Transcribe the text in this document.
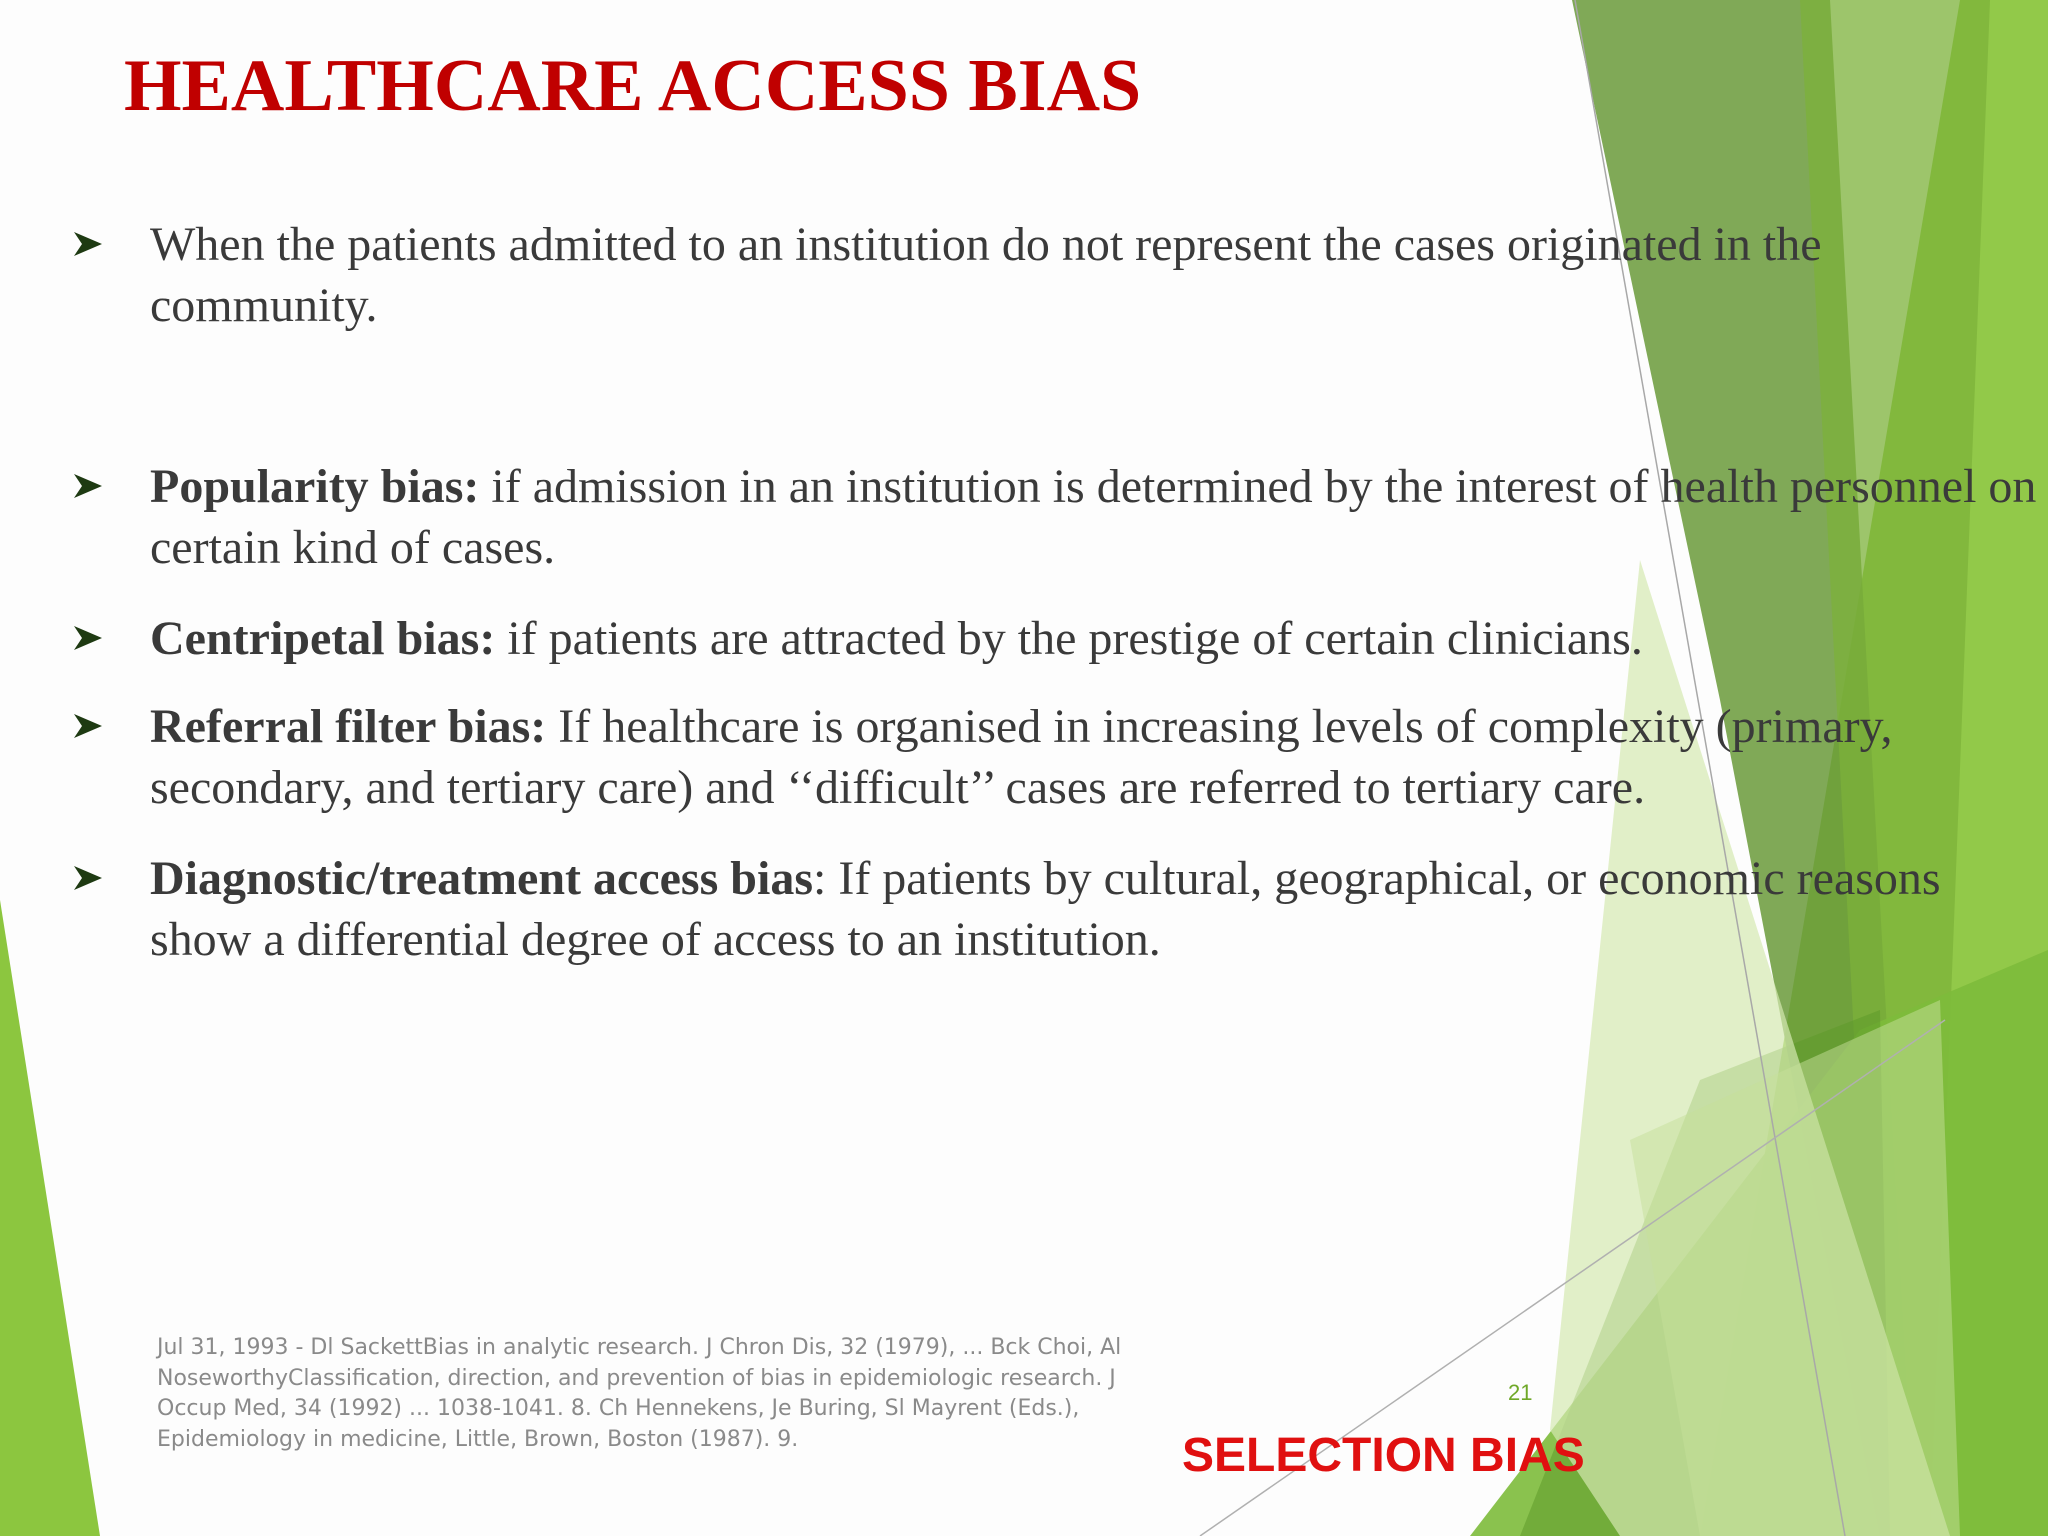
HEALTHCARE ACCESS BIAS
When the patients admitted to an institution do not represent the cases originated in the community.
Popularity bias: if admission in an institution is determined by the interest of health personnel on certain kind of cases.
Centripetal bias: if patients are attracted by the prestige of certain clinicians.
Referral filter bias: If healthcare is organised in increasing levels of complexity (primary, secondary, and tertiary care) and ‘‘difficult’’ cases are referred to tertiary care.
Diagnostic/treatment access bias: If patients by cultural, geographical, or economic reasons show a differential degree of access to an institution.
Jul 31, 1993 - Dl SackettBias in analytic research. J Chron Dis, 32 (1979), ... Bck Choi, Al NoseworthyClassification, direction, and prevention of bias in epidemiologic research. J Occup Med, 34 (1992) ... 1038-1041. 8. Ch Hennekens, Je Buring, Sl Mayrent (Eds.), Epidemiology in medicine, Little, Brown, Boston (1987). 9.
21
SELECTION BIAS
